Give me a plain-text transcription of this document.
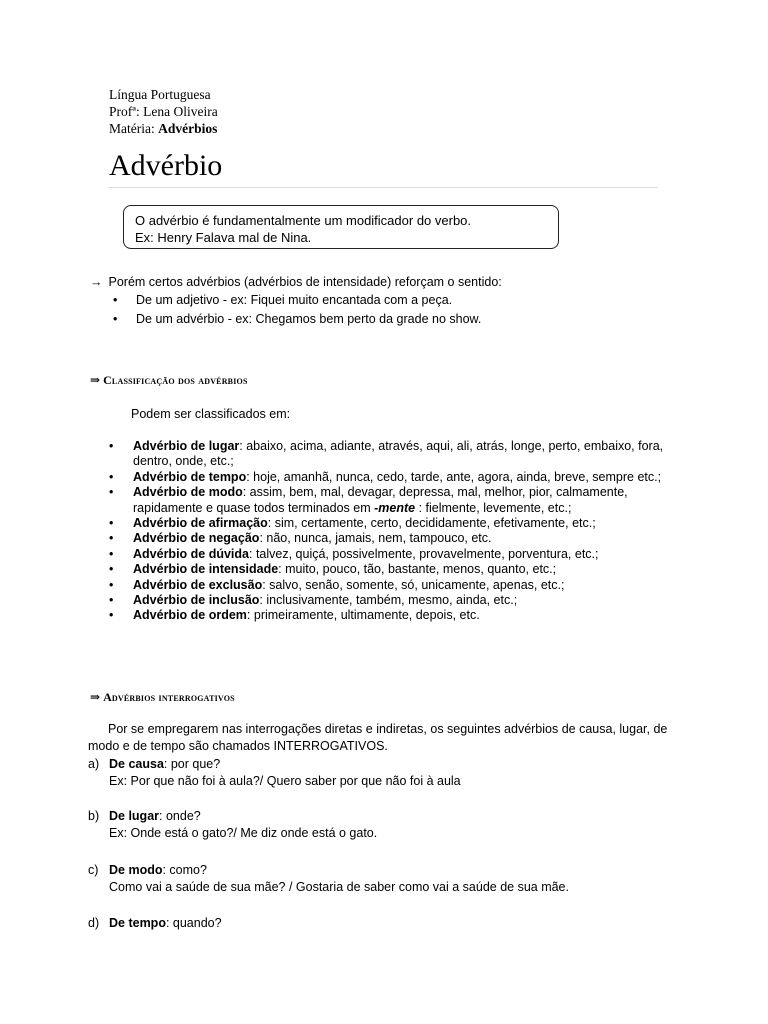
Língua Portuguesa
Profª: Lena Oliveira
Matéria: Advérbios
Advérbio
O advérbio é fundamentalmente um modificador do verbo.
Ex: Henry Falava mal de Nina.
→ Porém certos advérbios (advérbios de intensidade) reforçam o sentido:
• De um adjetivo - ex: Fiquei muito encantada com a peça.
• De um advérbio - ex: Chegamos bem perto da grade no show.
⇒ Classificação dos advérbios
Podem ser classificados em:
• Advérbio de lugar: abaixo, acima, adiante, através, aqui, ali, atrás, longe, perto, embaixo, fora, dentro, onde, etc.;
• Advérbio de tempo: hoje, amanhã, nunca, cedo, tarde, ante, agora, ainda, breve, sempre etc.;
• Advérbio de modo: assim, bem, mal, devagar, depressa, mal, melhor, pior, calmamente, rapidamente e quase todos terminados em -mente : fielmente, levemente, etc.;
• Advérbio de afirmação: sim, certamente, certo, decididamente, efetivamente, etc.;
• Advérbio de negação: não, nunca, jamais, nem, tampouco, etc.
• Advérbio de dúvida: talvez, quiçá, possivelmente, provavelmente, porventura, etc.;
• Advérbio de intensidade: muito, pouco, tão, bastante, menos, quanto, etc.;
• Advérbio de exclusão: salvo, senão, somente, só, unicamente, apenas, etc.;
• Advérbio de inclusão: inclusivamente, também, mesmo, ainda, etc.;
• Advérbio de ordem: primeiramente, ultimamente, depois, etc.
⇒ Advérbios interrogativos
Por se empregarem nas interrogações diretas e indiretas, os seguintes advérbios de causa, lugar, de modo e de tempo são chamados INTERROGATIVOS.
a) De causa: por que?
Ex: Por que não foi à aula?/ Quero saber por que não foi à aula
b) De lugar: onde?
Ex: Onde está o gato?/ Me diz onde está o gato.
c) De modo: como?
Como vai a saúde de sua mãe? / Gostaria de saber como vai a saúde de sua mãe.
d) De tempo: quando?
